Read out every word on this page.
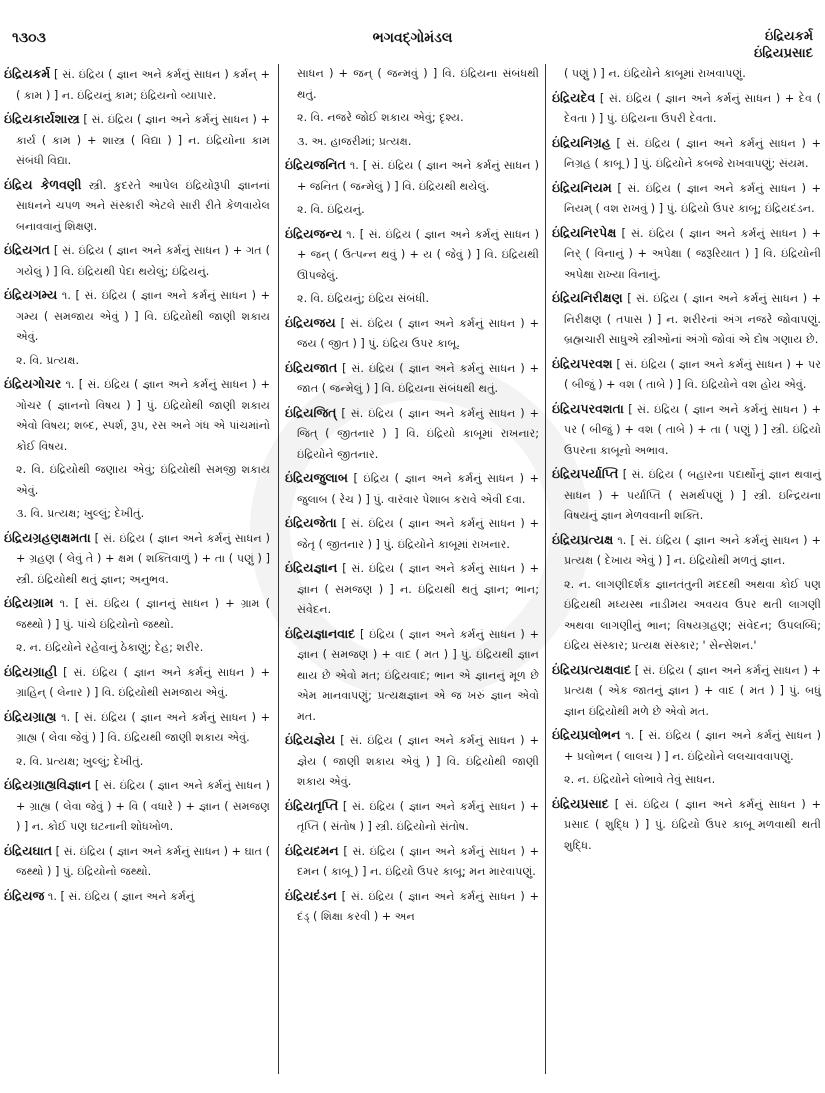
૧૩૦૩	ભગવદ્ગોમંડલ	ઇંદ્રિયકર્મ
ઇંદ્રિયપ્રસાદ
ઇંદ્રિયકર્મ [ સં. ઇંદ્રિય ( જ્ઞાન અને કર્મનું સાધન ) કર્મન્ + ( કામ ) ] ન. ઇંદ્રિયનું કામ; ઇંદ્રિયનો વ્યાપાર.
ઇંદ્રિયકાર્યશાસ્ત્ર [ સં. ઇંદ્રિય ( જ્ઞાન અને કર્મનું સાધન ) + કાર્ય ( કામ ) + શાસ્ત્ર ( વિદ્યા ) ] ન. ઇંદ્રિયોના કામ સંબંધી વિદ્યા.
ઇંદ્રિય કેળવણી સ્ત્રી. કુદરતે આપેલ ઇંદ્રિયોરૂપી જ્ઞાનનાં સાધનને ચપળ અને સંસ્કારી એટલે સારી રીતે કેળવાયેલ બનાવવાનું શિક્ષણ.
ઇંદ્રિયગત [ સં. ઇંદ્રિય ( જ્ઞાન અને કર્મનું સાધન ) + ગત ( ગયેલું ) ] વિ. ઇંદ્રિયથી પેદા થયેલું; ઇંદ્રિયનું.
ઇંદ્રિયગમ્ય ૧. [ સં. ઇંદ્રિય ( જ્ઞાન અને કર્મનું સાધન ) + ગમ્ય ( સમજાય એવું ) ] વિ. ઇંદ્રિયોથી જાણી શકાય એવું.
૨. વિ. પ્રત્યક્ષ.
ઇંદ્રિયગોચર ૧. [ સં. ઇંદ્રિય ( જ્ઞાન અને કર્મનું સાધન ) + ગોચર ( જ્ઞાનનો વિષય ) ] પું. ઇંદ્રિયોથી જાણી શકાય એવો વિષય; શબ્દ, સ્પર્શ, રૂપ, રસ અને ગંધ એ પાંચમાંનો કોઈ વિષય.
૨. વિ. ઇંદ્રિયોથી જણાય એવું; ઇંદ્રિયોથી સમજી શકાય એવું.
૩. વિ. પ્રત્યક્ષ; ખુલ્લું; દેખીતું.
ઇંદ્રિયગ્રહણક્ષમતા [ સં. ઇંદ્રિય ( જ્ઞાન અને કર્મનું સાધન ) + ગ્રહણ ( લેવું તે ) + ક્ષમ ( શક્તિવાળું ) + તા ( પણું ) ] સ્ત્રી. ઇંદ્રિયોથી થતું જ્ઞાન; અનુભવ.
ઇંદ્રિયગ્રામ ૧. [ સં. ઇંદ્રિય ( જ્ઞાનનું સાધન ) + ગ્રામ ( જથ્થો ) ] પું. પાંચે ઇંદ્રિયોનો જથ્થો.
૨. ન. ઇંદ્રિયોને રહેવાનું ઠેકાણું; દેહ; શરીર.
ઇંદ્રિયગ્રાહી [ સં. ઇંદ્રિય ( જ્ઞાન અને કર્મનું સાધન ) + ગ્રાહિન્ ( લેનાર ) ] વિ. ઇંદ્રિયોથી સમજાય એવું.
ઇંદ્રિયગ્રાહ્ય ૧. [ સં. ઇંદ્રિય ( જ્ઞાન અને કર્મનું સાધન ) + ગ્રાહ્ય ( લેવા જેવું ) ] વિ. ઇંદ્રિયથી જાણી શકાય એવું.
૨. વિ. પ્રત્યક્ષ; ખુલ્લું; દેખીતું.
ઇંદ્રિયગ્રાહ્યવિજ્ઞાન [ સં. ઇંદ્રિય ( જ્ઞાન અને કર્મનું સાધન ) + ગ્રાહ્ય ( લેવા જેવું ) + વિ ( વધારે ) + જ્ઞાન ( સમજણ ) ] ન. કોઈ પણ ઘટનાની શોધખોળ.
ઇંદ્રિયઘાત [ સં. ઇંદ્રિય ( જ્ઞાન અને કર્મનું સાધન ) + ઘાત ( જથ્થો ) ] પું. ઇંદ્રિયોનો જથ્થો.
ઇંદ્રિયજ ૧. [ સં. ઇંદ્રિય ( જ્ઞાન અને કર્મનું
સાધન ) + જન્ ( જન્મવું ) ] વિ. ઇંદ્રિયના સંબંધથી થતું.
૨. વિ. નજરે જોઈ શકાય એવું; દૃશ્ય.
૩. અ. હાજરીમાં; પ્રત્યક્ષ.
ઇંદ્રિયજનિત ૧. [ સં. ઇંદ્રિય ( જ્ઞાન અને કર્મનું સાધન ) + જનિત ( જન્મેલું ) ] વિ. ઇંદ્રિયથી થયેલું.
૨. વિ. ઇંદ્રિયનું.
ઇંદ્રિયજન્ય ૧. [ સં. ઇંદ્રિય ( જ્ઞાન અને કર્મનું સાધન ) + જન્ ( ઉત્પન્ન થવું ) + ય ( જેવું ) ] વિ. ઇંદ્રિયથી ઊપજેલું.
૨. વિ. ઇંદ્રિયનું; ઇંદ્રિય સંબંધી.
ઇંદ્રિયજય [ સં. ઇંદ્રિય ( જ્ઞાન અને કર્મનું સાધન ) + જય ( જીત ) ] પું. ઇંદ્રિય ઉપર કાબૂ.
ઇંદ્રિયજાત [ સં. ઇંદ્રિય ( જ્ઞાન અને કર્મનું સાધન ) + જાત ( જન્મેલું ) ] વિ. ઇંદ્રિયના સંબંધથી થતું.
ઇંદ્રિયજિત્ [ સં. ઇંદ્રિય ( જ્ઞાન અને કર્મનું સાધન ) + જિત્ ( જીતનાર ) ] વિ. ઇંદ્રિયો કાબૂમાં રાખનાર; ઇંદ્રિયોને જીતનાર.
ઇંદ્રિયજુલાબ [ ઇંદ્રિય ( જ્ઞાન અને કર્મનું સાધન ) + જુલાબ ( રેચ ) ] પું. વારંવાર પેશાબ કરાવે એવી દવા.
ઇંદ્રિયજેતા [ સં. ઇંદ્રિય ( જ્ઞાન અને કર્મનું સાધન ) + જેતૃ ( જીતનાર ) ] પું. ઇંદ્રિયોને કાબૂમાં રાખનાર.
ઇંદ્રિયજ્ઞાન [ સં. ઇંદ્રિય ( જ્ઞાન અને કર્મનું સાધન ) + જ્ઞાન ( સમજણ ) ] ન. ઇંદ્રિયથી થતું જ્ઞાન; ભાન; સંવેદન.
ઇંદ્રિયજ્ઞાનવાદ [ ઇંદ્રિય ( જ્ઞાન અને કર્મનું સાધન ) + જ્ઞાન ( સમજણ ) + વાદ ( મત ) ] પું. ઇંદ્રિયથી જ્ઞાન થાય છે એવો મત; ઇંદ્રિયવાદ; ભાન એ જ્ઞાનનું મૂળ છે એમ માનવાપણું; પ્રત્યક્ષજ્ઞાન એ જ ખરું જ્ઞાન એવો મત.
ઇંદ્રિયજ્ઞેય [ સં. ઇંદ્રિય ( જ્ઞાન અને કર્મનું સાધન ) + જ્ઞેય ( જાણી શકાય એવું ) ] વિ. ઇંદ્રિયોથી જાણી શકાય એવું.
ઇંદ્રિયતૃપ્તિ [ સં. ઇંદ્રિય ( જ્ઞાન અને કર્મનું સાધન ) + તૃપ્તિ ( સંતોષ ) ] સ્ત્રી. ઇંદ્રિયોનો સંતોષ.
ઇંદ્રિયદમન [ સં. ઇંદ્રિય ( જ્ઞાન અને કર્મનું સાધન ) + દમન ( કાબૂ ) ] ન. ઇંદ્રિયો ઉપર કાબૂ; મન મારવાપણું.
ઇંદ્રિયદંડન [ સં. ઇંદ્રિય ( જ્ઞાન અને કર્મનું સાધન ) + દંડ્ ( શિક્ષા કરવી ) + અન
( પણું ) ] ન. ઇંદ્રિયોને કાબૂમાં રાખવાપણું.
ઇંદ્રિયદેવ [ સં. ઇંદ્રિય ( જ્ઞાન અને કર્મનું સાધન ) + દેવ ( દેવતા ) ] પું. ઇંદ્રિયના ઉપરી દેવતા.
ઇંદ્રિયનિગ્રહ [ સં. ઇંદ્રિય ( જ્ઞાન અને કર્મનું સાધન ) + નિગ્રહ ( કાબૂ ) ] પું. ઇંદ્રિયોને કબજે રાખવાપણું; સંયમ.
ઇંદ્રિયનિયમ [ સં. ઇંદ્રિય ( જ્ઞાન અને કર્મનું સાધન ) + નિયમ્ ( વશ રાખવું ) ] પું. ઇંદ્રિયો ઉપર કાબૂ; ઇંદ્રિયદંડન.
ઇંદ્રિયનિરપેક્ષ [ સં. ઇંદ્રિય ( જ્ઞાન અને કર્મનું સાધન ) + નિર્ ( વિનાનું ) + અપેક્ષા ( જરૂરિયાત ) ] વિ. ઇંદ્રિયોની અપેક્ષા રાખ્યા વિનાનું.
ઇંદ્રિયનિરીક્ષણ [ સં. ઇંદ્રિય ( જ્ઞાન અને કર્મનું સાધન ) + નિરીક્ષણ ( તપાસ ) ] ન. શરીરનાં અંગ નજરે જોવાપણું. બ્રહ્મચારી સાધુએ સ્ત્રીઓનાં અંગો જોવાં એ દોષ ગણાય છે.
ઇંદ્રિયપરવશ [ સં. ઇંદ્રિય ( જ્ઞાન અને કર્મનું સાધન ) + પર ( બીજું ) + વશ ( તાબે ) ] વિ. ઇંદ્રિયોને વશ હોય એવું.
ઇંદ્રિયપરવશતા [ સં. ઇંદ્રિય ( જ્ઞાન અને કર્મનું સાધન ) + પર ( બીજું ) + વશ ( તાબે ) + તા ( પણું ) ] સ્ત્રી. ઇંદ્રિયો ઉપરના કાબૂનો અભાવ.
ઇંદ્રિયપર્યાપ્તિ [ સં. ઇંદ્રિય ( બહારના પદાર્થોનું જ્ઞાન થવાનું સાધન ) + પર્યાપ્તિ ( સમર્થપણું ) ] સ્ત્રી. ઇન્દ્રિયના વિષયનું જ્ઞાન મેળવવાની શક્તિ.
ઇંદ્રિયપ્રત્યક્ષ ૧. [ સં. ઇંદ્રિય ( જ્ઞાન અને કર્મનું સાધન ) + પ્રત્યક્ષ ( દેખાય એવું ) ] ન. ઇંદ્રિયોથી મળતું જ્ઞાન.
૨. ન. લાગણીદર્શક જ્ઞાનતંતુની મદદથી અથવા કોઈ પણ ઇંદ્રિયથી મધ્યસ્થ નાડીમય અવયવ ઉપર થતી લાગણી અથવા લાગણીનું ભાન; વિષયગ્રહણ; સંવેદન; ઉપલબ્ધિ; ઇંદ્રિય સંસ્કાર; પ્રત્યક્ષ સંસ્કાર; ' સેન્સેશન.'
ઇંદ્રિયપ્રત્યક્ષવાદ [ સં. ઇંદ્રિય ( જ્ઞાન અને કર્મનું સાધન ) + પ્રત્યક્ષ ( એક જાતનું જ્ઞાન ) + વાદ ( મત ) ] પું. બધું જ્ઞાન ઇંદ્રિયોથી મળે છે એવો મત.
ઇંદ્રિયપ્રલોભન ૧. [ સં. ઇંદ્રિય ( જ્ઞાન અને કર્મનું સાધન ) + પ્રલોભન ( લાલચ ) ] ન. ઇંદ્રિયોને લલચાવવાપણું.
૨. ન. ઇંદ્રિયોને લોભાવે તેવું સાધન.
ઇંદ્રિયપ્રસાદ [ સં. ઇંદ્રિય ( જ્ઞાન અને કર્મનું સાધન ) + પ્રસાદ ( શુદ્ધિ ) ] પું. ઇંદ્રિયો ઉપર કાબૂ મળવાથી થતી શુદ્ધિ.
